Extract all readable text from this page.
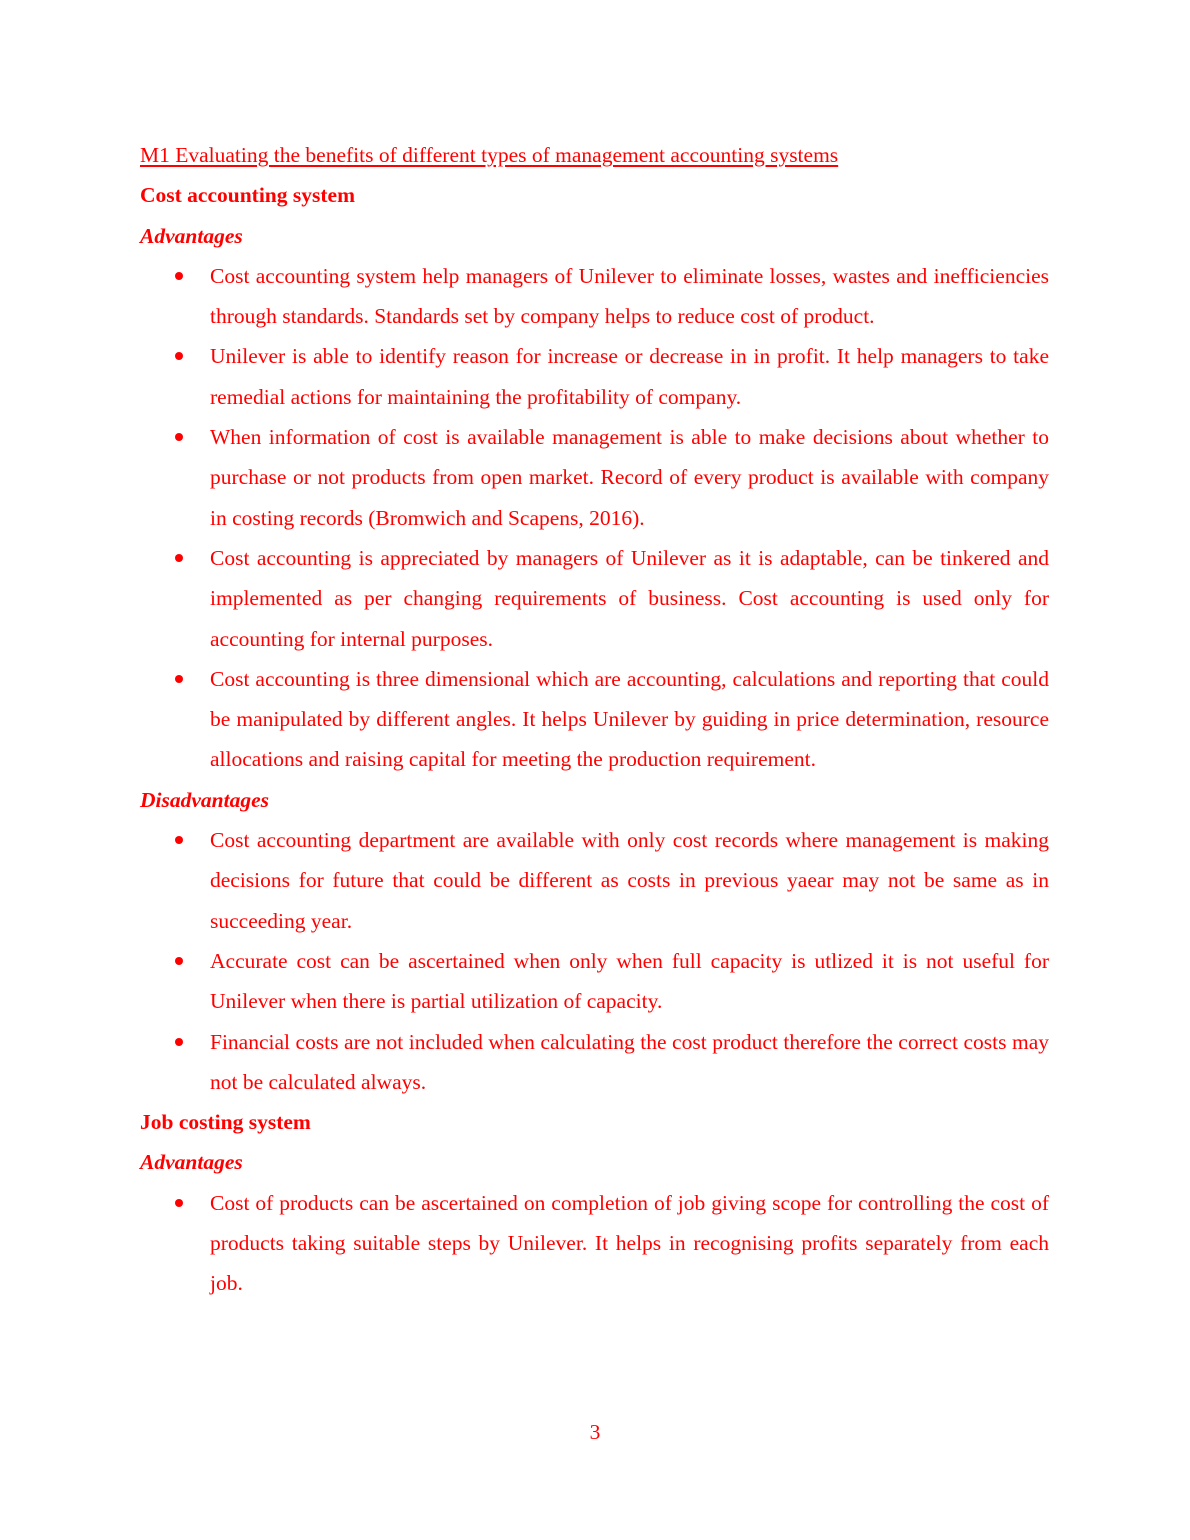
M1 Evaluating the benefits of different types of management accounting systems

Cost accounting system

Advantages

Cost accounting system help managers of Unilever to eliminate losses, wastes and inefficiencies through standards. Standards set by company helps to reduce cost of product.
Unilever is able to identify reason for increase or decrease in in profit. It help managers to take remedial actions for maintaining the profitability of company.
When information of cost is available management is able to make decisions about whether to purchase or not products from open market. Record of every product is available with company in costing records (Bromwich and Scapens, 2016).
Cost accounting is appreciated by managers of Unilever as it is adaptable, can be tinkered and implemented as per changing requirements of business. Cost accounting is used only for accounting for internal purposes.
Cost accounting is three dimensional which are accounting, calculations and reporting that could be manipulated by different angles. It helps Unilever by guiding in price determination, resource allocations and raising capital for meeting the production requirement.

Disadvantages

Cost accounting department are available with only cost records where management is making decisions for future that could be different as costs in previous yaear may not be same as in succeeding year.
Accurate cost can be ascertained when only when full capacity is utlized it is not useful for Unilever when there is partial utilization of capacity.
Financial costs are not included when calculating the cost product therefore the correct costs may not be calculated always.

Job costing system

Advantages

Cost of products can be ascertained on completion of job giving scope for controlling the cost of products taking suitable steps by Unilever. It helps in recognising profits separately from each job.
3
